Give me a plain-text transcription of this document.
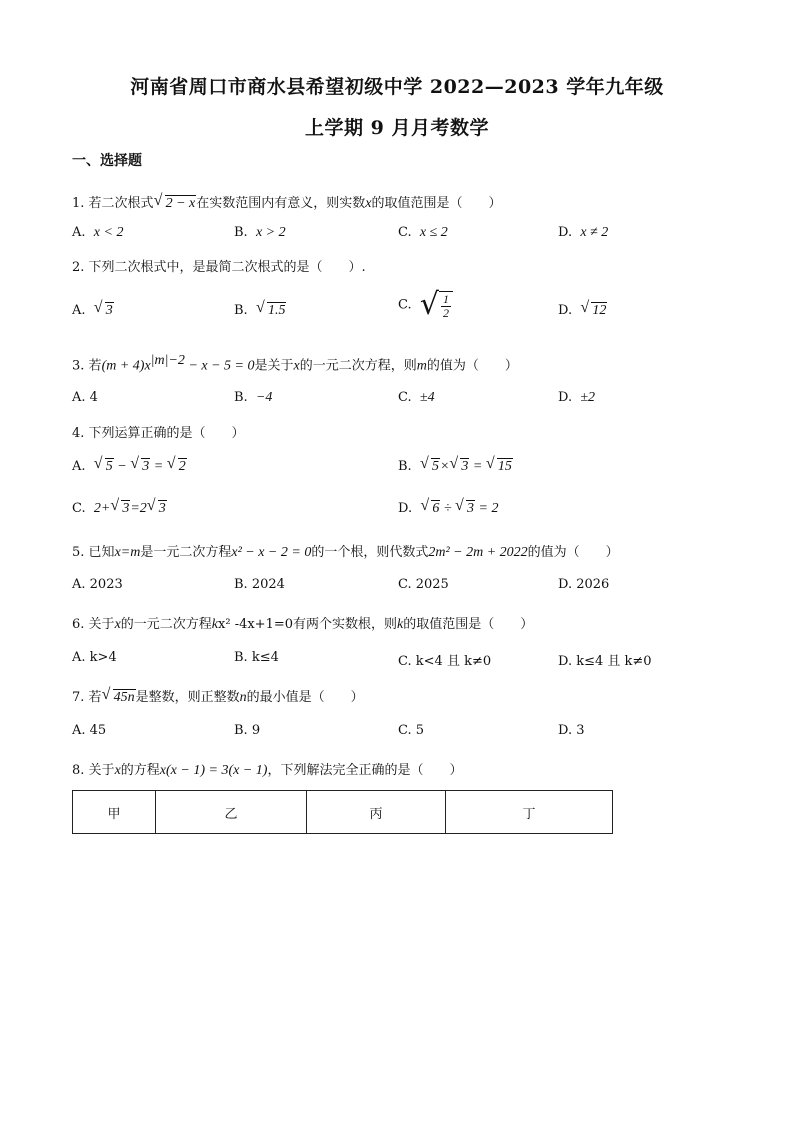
河南省周口市商水县希望初级中学 2022—2023 学年九年级
上学期 9 月月考数学
一、选择题
1. 若二次根式 √ 2 − x在实数范围内有意义，则实数x的取值范围是（　　）
A. x < 2	B. x > 2	C. x ≤ 2	D. x ≠ 2
2. 下列二次根式中，是最简二次根式的是（　　）.
A. √ 3	B. √ 1.5	C. √ $\frac{1}{2}$	D. √ 12
3. 若$(m + 4)x^{|m|-2} - x - 5 = 0$是关于x的一元二次方程，则m的值为（　　）
A. 4	B. −4	C. ±4	D. ±2
4. 下列运算正确的是（　　）
A. √ 5 − √ 3 = √ 2	B. √ 5× √ 3 = √ 15
C. 2+ √ 3=2 √ 3	D. √ 6 ÷ √ 3 = 2
5. 已知x=m是一元二次方程x² − x − 2 = 0的一个根，则代数式2m² − 2m + 2022的值为（　　）
A. 2023	B. 2024	C. 2025	D. 2026
6. 关于x的一元二次方程kx² -4x+1=0有两个实数根，则k的取值范围是（　　）
A. k>4	B. k≤4	C. k<4 且 k≠0	D. k≤4 且 k≠0
7. 若 √ 45n是整数，则正整数n的最小值是（　　）
A. 45	B. 9	C. 5	D. 3
8. 关于x的方程x(x − 1) = 3(x − 1)，下列解法完全正确的是（　　）
甲	乙	丙	丁
